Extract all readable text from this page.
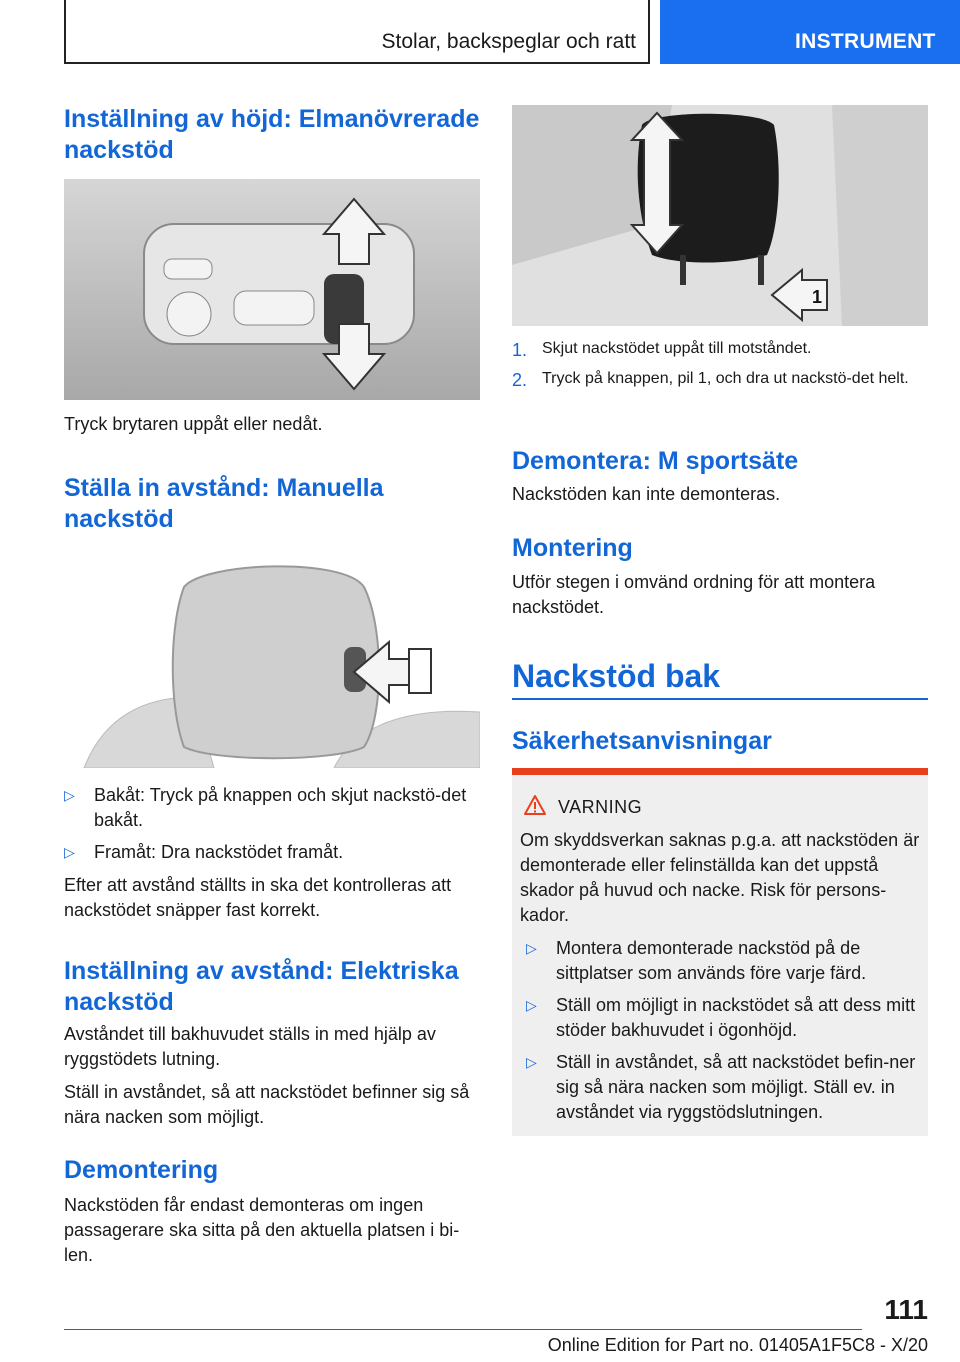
Stolar, backspeglar och ratt	INSTRUMENT
Inställning av höjd: Elmanövrerade nackstöd
Tryck brytaren uppåt eller nedåt.
Ställa in avstånd: Manuella nackstöd
▷ Bakåt: Tryck på knappen och skjut nackstö-det bakåt.
▷ Framåt: Dra nackstödet framåt.
Efter att avstånd ställts in ska det kontrolleras att nackstödet snäpper fast korrekt.
Inställning av avstånd: Elektriska nackstöd
Avståndet till bakhuvudet ställs in med hjälp av ryggstödets lutning.
Ställ in avståndet, så att nackstödet befinner sig så nära nacken som möjligt.
Demontering
Nackstöden får endast demonteras om ingen passagerare ska sitta på den aktuella platsen i bi-len.
1
1. Skjut nackstödet uppåt till motståndet.
2. Tryck på knappen, pil 1, och dra ut nackstö-det helt.
Demontera: M sportsäte
Nackstöden kan inte demonteras.
Montering
Utför stegen i omvänd ordning för att montera nackstödet.
Nackstöd bak
Säkerhetsanvisningar
VARNING
Om skyddsverkan saknas p.g.a. att nackstöden är demonterade eller felinställda kan det uppstå skador på huvud och nacke. Risk för persons-kador.
▷ Montera demonterade nackstöd på de sittplatser som används före varje färd.
▷ Ställ om möjligt in nackstödet så att dess mitt stöder bakhuvudet i ögonhöjd.
▷ Ställ in avståndet, så att nackstödet befin-ner sig så nära nacken som möjligt. Ställ ev. in avståndet via ryggstödslutningen.
111
Online Edition for Part no. 01405A1F5C8 - X/20
